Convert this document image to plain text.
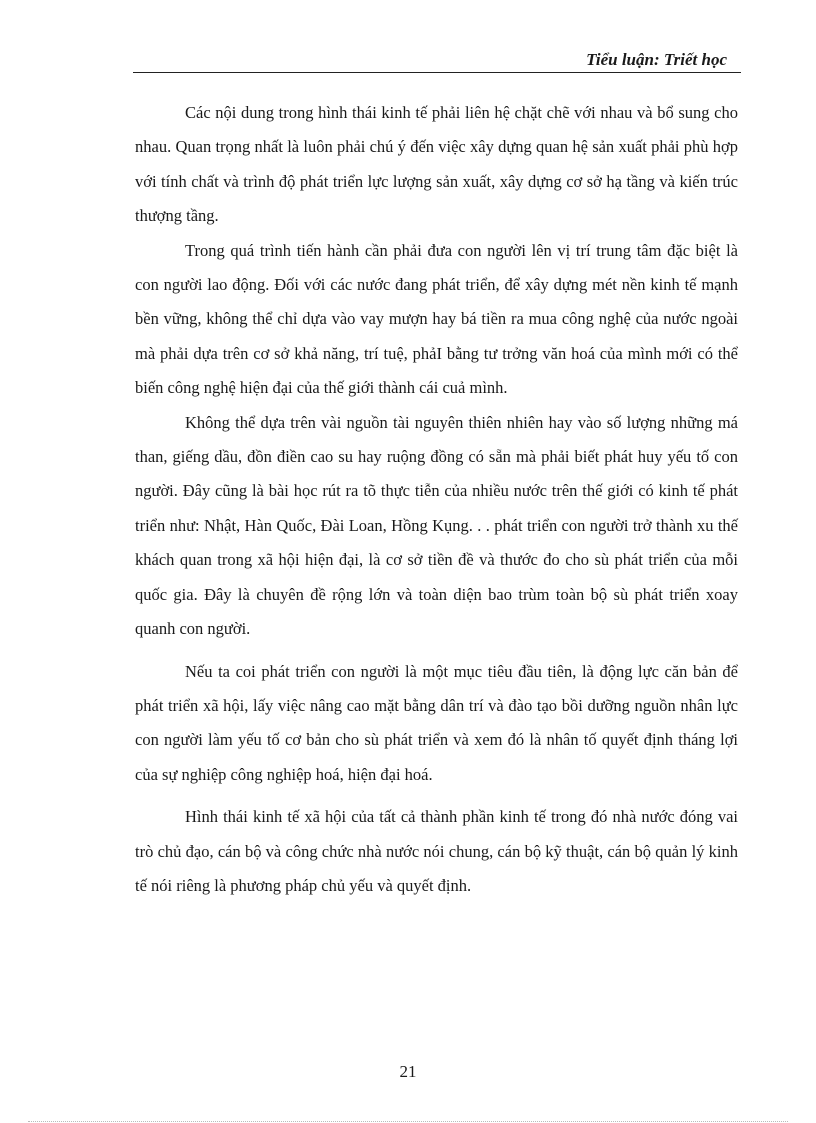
Tiểu luận: Triết học

Các nội dung trong hình thái kinh tế phải liên hệ chặt chẽ với nhau và bổ sung cho nhau. Quan trọng nhất là luôn phải chú ý đến việc xây dựng quan hệ sản xuất phải phù hợp với tính chất và trình độ phát triển lực lượng sản xuất, xây dựng cơ sở hạ tầng và kiến trúc thượng tầng.

Trong quá trình tiến hành cần phải đưa con người lên vị trí trung tâm đặc biệt là con người lao động. Đối với các nước đang phát triển, để xây dựng mét nền kinh tế mạnh bền vững, không thể chỉ dựa vào vay mượn hay bá tiền ra mua công nghệ của nước ngoài mà phải dựa trên cơ sở khả năng, trí tuệ, phảI bằng tư trởng văn hoá của mình mới có thể biến công nghệ hiện đại của thế giới thành cái cuả mình.

Không thể dựa trên vài nguồn tài nguyên thiên nhiên hay vào số lượng những má than, giếng dầu, đồn điền cao su hay ruộng đồng có sẵn mà phải biết phát huy yếu tố con người. Đây cũng là bài học rút ra tõ thực tiễn của nhiều nước trên thế giới có kinh tế phát triển như: Nhật, Hàn Quốc, Đài Loan, Hồng Kụng. . . phát triển con người trở thành xu thế khách quan trong xã hội hiện đại, là cơ sở tiền đề và thước đo cho sù phát triển của mỗi quốc gia. Đây là chuyên đề rộng lớn và toàn diện bao trùm toàn bộ sù phát triển xoay quanh con người.

Nếu ta coi phát triển con người là một mục tiêu đầu tiên, là động lực căn bản để phát triển xã hội, lấy việc nâng cao mặt bằng dân trí và đào tạo bồi dưỡng nguồn nhân lực con người làm yếu tố cơ bản cho sù phát triển và xem đó là nhân tố quyết định tháng lợi của sự nghiệp công nghiệp hoá, hiện đại hoá.

Hình thái kinh tế xã hội của tất cả thành phần kinh tế trong đó nhà nước đóng vai trò chủ đạo, cán bộ và công chức nhà nước nói chung, cán bộ kỹ thuật, cán bộ quản lý kinh tế nói riêng là phương pháp chủ yếu và quyết định.

21
